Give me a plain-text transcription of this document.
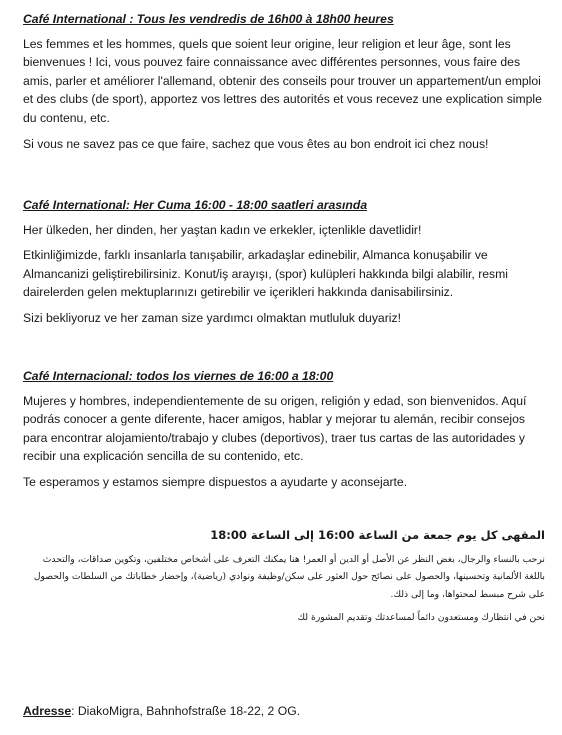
Café International : Tous les vendredis de 16h00 à 18h00 heures

Les femmes et les hommes, quels que soient leur origine, leur religion et leur âge, sont les bienvenues ! Ici, vous pouvez faire connaissance avec différentes personnes, vous faire des amis, parler et améliorer l'allemand, obtenir des conseils pour trouver un appartement/un emploi et des clubs (de sport), apportez vos lettres des autorités et vous recevez une explication simple du contenu, etc.

Si vous ne savez pas ce que faire, sachez que vous êtes au bon endroit ici chez nous!

Café International: Her Cuma 16:00 - 18:00 saatleri arasında

Her ülkeden, her dinden, her yaştan kadın ve erkekler, içtenlikle davetlidir!

Etkinliğimizde, farklı insanlarla tanışabilir, arkadaşlar edinebilir, Almanca konuşabilir ve Almancanizi geliştirebilirsiniz. Konut/iş arayışı, (spor) kulüpleri hakkında bilgi alabilir, resmi dairelerden gelen mektuplarınızı getirebilir ve içerikleri hakkında danisabilirsiniz.

Sizi bekliyoruz ve her zaman size yardımcı olmaktan mutluluk duyariz!

Café Internacional: todos los viernes de 16:00 a 18:00

Mujeres y hombres, independientemente de su origen, religión y edad, son bienvenidos. Aquí podrás conocer a gente diferente, hacer amigos, hablar y mejorar tu alemán, recibir consejos para encontrar alojamiento/trabajo y clubes (deportivos), traer tus cartas de las autoridades y recibir una explicación sencilla de su contenido, etc.

Te esperamos y estamos siempre dispuestos a ayudarte y aconsejarte.

المقهى كل يوم جمعة من الساعة 16:00 إلى الساعة 18:00

نرحب بالنساء والرجال، بغض النظر عن الأصل أو الدين أو العمر! هنا يمكنك التعرف على أشخاص مختلفين، وتكوين صداقات، والتحدث باللغة الألمانية وتحسينها، والحصول على نصائح حول العثور على سكن/وظيفة ونوادي (رياضية)، وإحضار خطاباتك من السلطات والحصول على شرح مبسط لمحتواها، وما إلى ذلك.

نحن في انتظارك ومستعدون دائماً لمساعدتك وتقديم المشورة لك

Adresse: DiakoMigra, Bahnhofstraße 18-22, 2 OG.
